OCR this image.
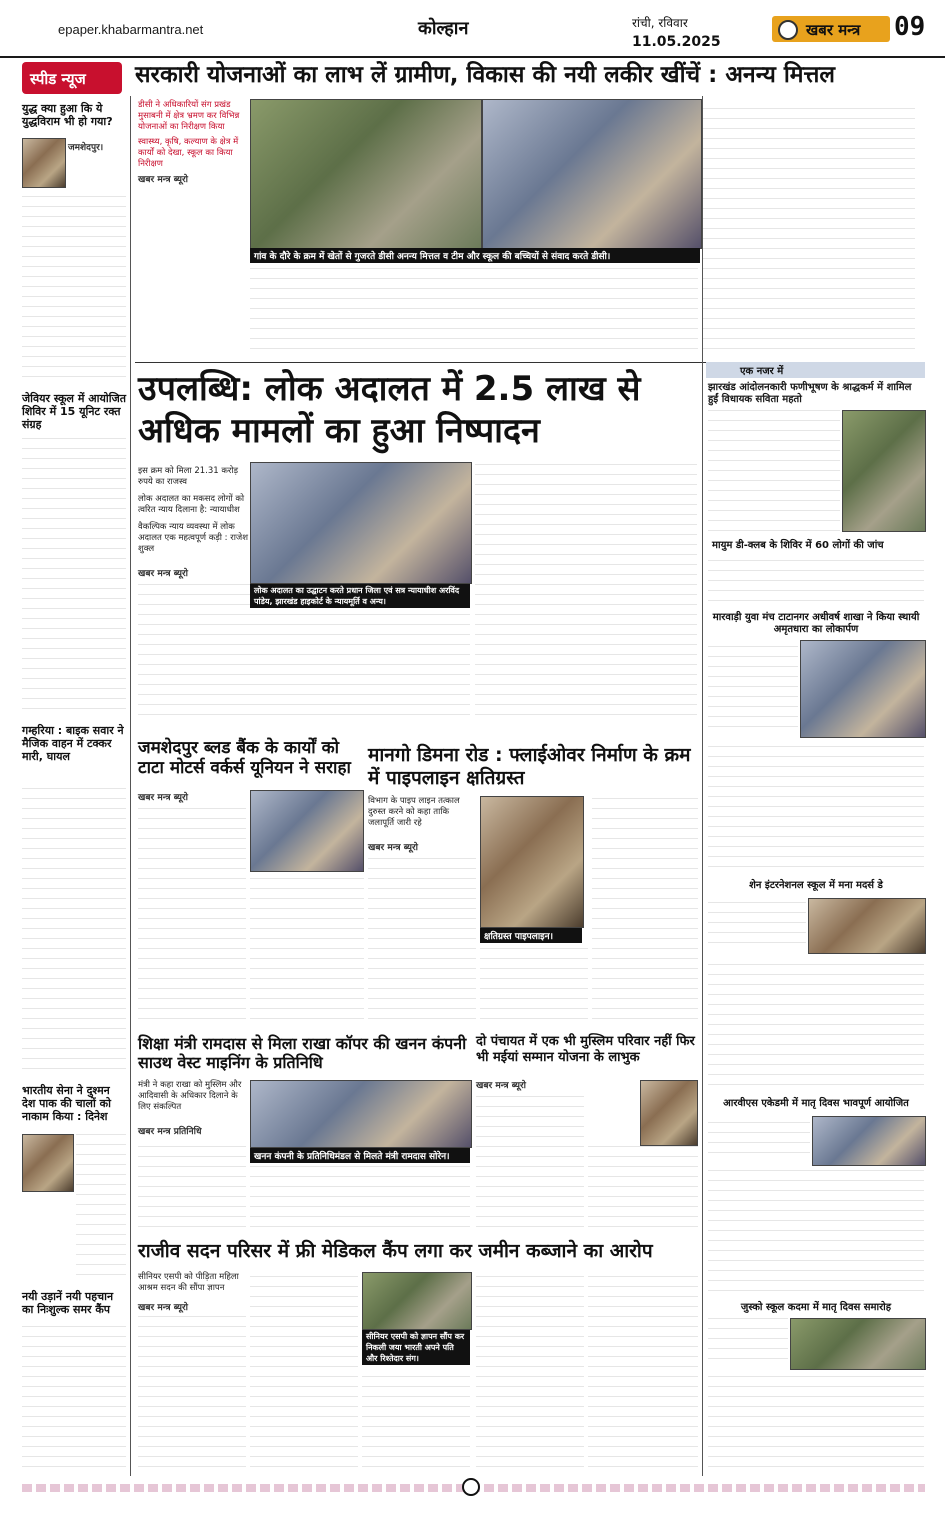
epaper.khabarmantra.net	कोल्हान	रांची, रविवार
11.05.2025
खबर मन्त्र 09
स्पीड न्यूज सरकारी योजनाओं का लाभ लें ग्रामीण, विकास की नयी लकीर खींचें : अनन्य मित्तल
डीसी ने अधिकारियों संग प्रखंड मुसाबनी में क्षेत्र भ्रमण कर विभिन्न योजनाओं का निरीक्षण किया
स्वास्थ्य, कृषि, कल्याण के क्षेत्र में कार्यों को देखा, स्कूल का किया निरीक्षण
खबर मन्त्र ब्यूरो
गांव के दौरे के क्रम में खेतों से गुजरते डीसी अनन्य मित्तल व टीम और स्कूल की बच्चियों से संवाद करते डीसी।
युद्ध क्या हुआ कि ये युद्धविराम भी हो गया?
जमशेदपुर।
जेवियर स्कूल में आयोजित शिविर में 15 यूनिट रक्त संग्रह
गम्हरिया : बाइक सवार ने मैजिक वाहन में टक्कर मारी, घायल
भारतीय सेना ने दुश्मन देश पाक की चालों को नाकाम किया : दिनेश
नयी उड़ानें नयी पहचान का निःशुल्क समर कैंप
उपलब्धि: लोक अदालत में 2.5 लाख से अधिक मामलों का हुआ निष्पादन
इस क्रम को मिला 21.31 करोड़ रुपये का राजस्व
लोक अदालत का मकसद लोगों को त्वरित न्याय दिलाना है: न्यायाधीश
वैकल्पिक न्याय व्यवस्था में लोक अदालत एक महत्वपूर्ण कड़ी : राजेश शुक्ल
खबर मन्त्र ब्यूरो
लोक अदालत का उद्घाटन करते प्रधान जिला एवं सत्र न्यायाधीश अरविंद पांडेय, झारखंड हाइकोर्ट के न्यायमूर्ति व अन्य।
एक नजर में
झारखंड आंदोलनकारी फणीभूषण के श्राद्धकर्म में शामिल हुईं विधायक सविता महतो
मायुम डी-क्लब के शिविर में 60 लोगों की जांच
मारवाड़ी युवा मंच टाटानगर अधीवर्ष शाखा ने किया स्थायी अमृतधारा का लोकार्पण
शेन इंटरनेशनल स्कूल में मना मदर्स डे
आरवीएस एकेडमी में मातृ दिवस भावपूर्ण आयोजित
जुस्को स्कूल कदमा में मातृ दिवस समारोह
जमशेदपुर ब्लड बैंक के कार्यों को टाटा मोटर्स वर्कर्स यूनियन ने सराहा
खबर मन्त्र ब्यूरो
मानगो डिमना रोड : फ्लाईओवर निर्माण के क्रम में पाइपलाइन क्षतिग्रस्त
विभाग के पाइप लाइन तत्काल दुरुस्त करने को कहा ताकि जलापूर्ति जारी रहे
क्षतिग्रस्त पाइपलाइन।
खबर मन्त्र ब्यूरो
शिक्षा मंत्री रामदास से मिला राखा कॉपर की खनन कंपनी साउथ वेस्ट माइनिंग के प्रतिनिधि
मंत्री ने कहा राखा को मुस्लिम और आदिवासी के अधिकार दिलाने के लिए संकल्पित
खबर मन्त्र प्रतिनिधि
खनन कंपनी के प्रतिनिधिमंडल से मिलते मंत्री रामदास सोरेन।
दो पंचायत में एक भी मुस्लिम परिवार नहीं फिर भी मईयां सम्मान योजना के लाभुक
खबर मन्त्र ब्यूरो
राजीव सदन परिसर में फ्री मेडिकल कैंप लगा कर जमीन कब्जाने का आरोप
सीनियर एसपी को पीड़िता महिला आश्रम सदन की सौंपा ज्ञापन
खबर मन्त्र ब्यूरो
सीनियर एसपी को ज्ञापन सौंप कर निकली जया भारती अपने पति और रिश्तेदार संग।
